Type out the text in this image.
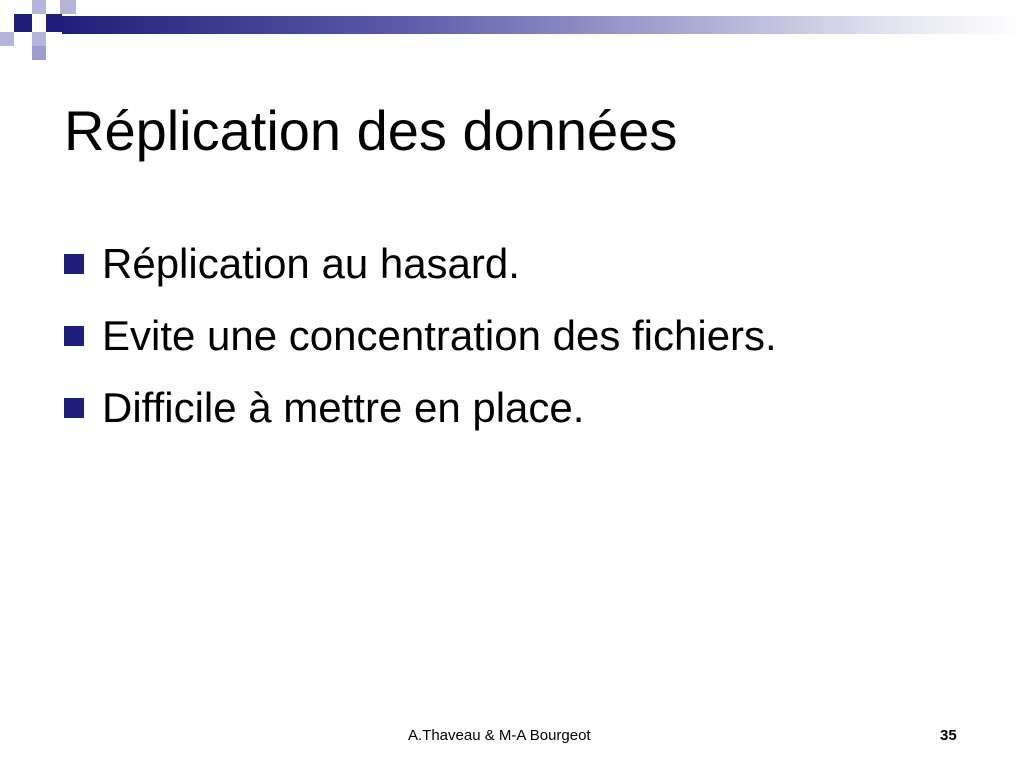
Réplication des données
Réplication au hasard.
Evite une concentration des fichiers.
Difficile à mettre en place.
A.Thaveau & M-A Bourgeot	35
